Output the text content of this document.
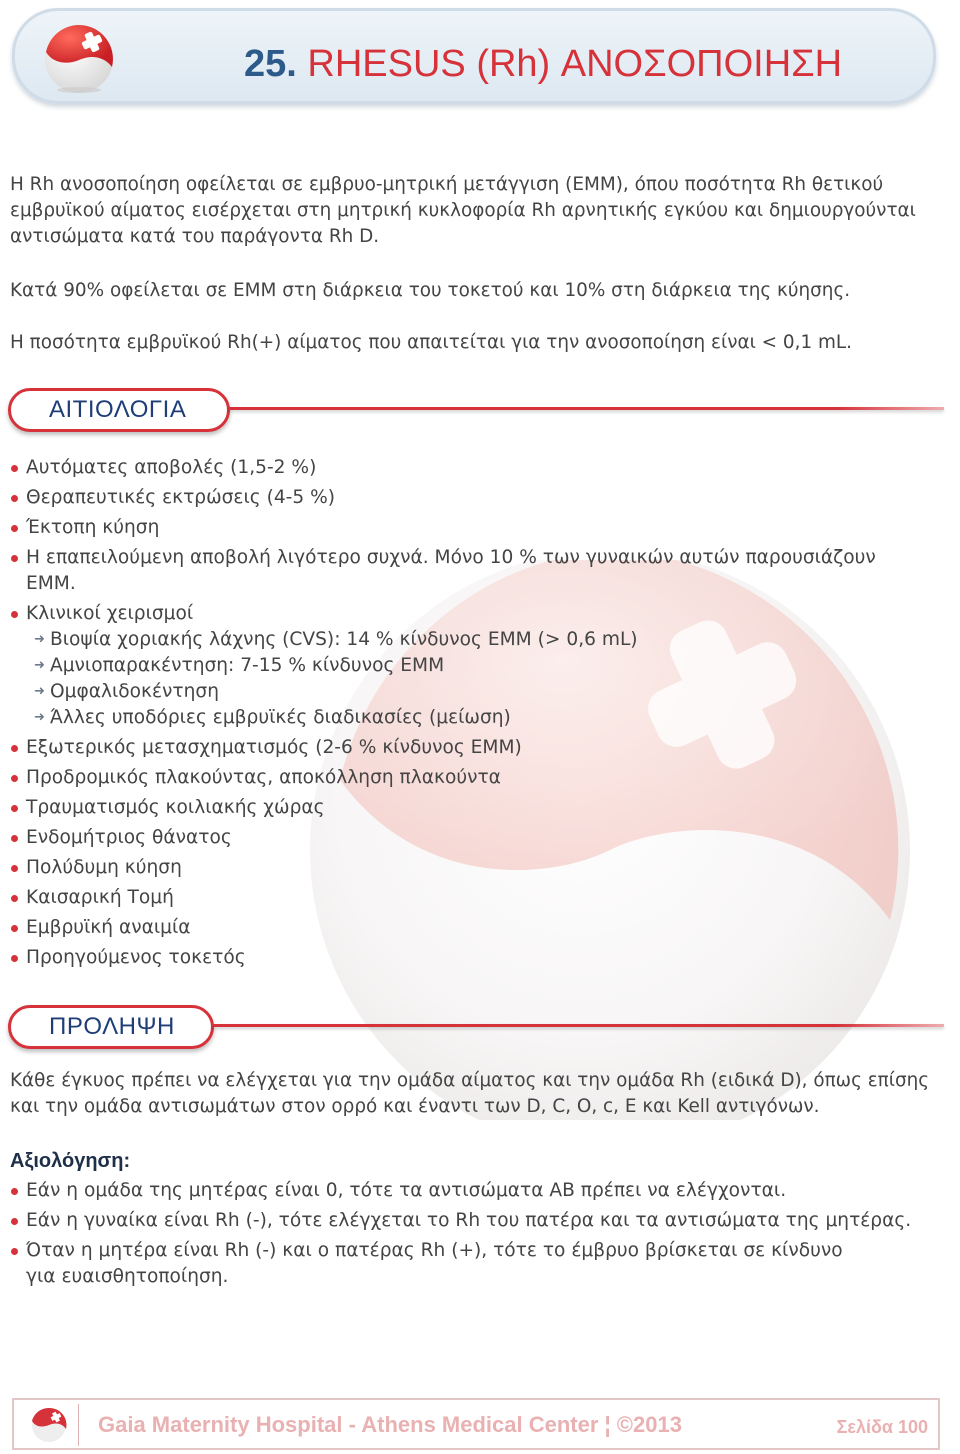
25. RHESUS (Rh) ΑΝΟΣΟΠΟΙΗΣΗ

Η Rh ανοσοποίηση οφείλεται σε εμβρυο-μητρική μετάγγιση (ΕΜΜ), όπου ποσότητα Rh θετικού εμβρυϊκού αίματος εισέρχεται στη μητρική κυκλοφορία Rh αρνητικής εγκύου και δημιουργούνται αντισώματα κατά του παράγοντα Rh D.

Κατά 90% οφείλεται σε ΕΜΜ στη διάρκεια του τοκετού και 10% στη διάρκεια της κύησης.

Η ποσότητα εμβρυϊκού Rh(+) αίματος που απαιτείται για την ανοσοποίηση είναι < 0,1 mL.

ΑΙΤΙΟΛΟΓΙΑ
Αυτόματες αποβολές (1,5-2 %)
Θεραπευτικές εκτρώσεις (4-5 %)
Έκτοπη κύηση
Η επαπειλούμενη αποβολή λιγότερο συχνά. Μόνο 10 % των γυναικών αυτών παρουσιάζουν ΕΜΜ.
Κλινικοί χειρισμοί
➜ Βιοψία χοριακής λάχνης (CVS): 14 % κίνδυνος ΕΜΜ (> 0,6 mL)
➜ Αμνιοπαρακέντηση: 7-15 % κίνδυνος ΕΜΜ
➜ Ομφαλιδοκέντηση
➜ Άλλες υποδόριες εμβρυϊκές διαδικασίες (μείωση)
Εξωτερικός μετασχηματισμός (2-6 % κίνδυνος ΕΜΜ)
Προδρομικός πλακούντας, αποκόλληση πλακούντα
Τραυματισμός κοιλιακής χώρας
Ενδομήτριος θάνατος
Πολύδυμη κύηση
Καισαρική Τομή
Εμβρυϊκή αναιμία
Προηγούμενος τοκετός
ΠΡΟΛΗΨΗ

Κάθε έγκυος πρέπει να ελέγχεται για την ομάδα αίματος και την ομάδα Rh (ειδικά D), όπως επίσης και την ομάδα αντισωμάτων στον ορρό και έναντι των D, C, O, c, E και Kell αντιγόνων.

Αξιολόγηση:
Εάν η ομάδα της μητέρας είναι 0, τότε τα αντισώματα ΑΒ πρέπει να ελέγχονται.
Εάν η γυναίκα είναι Rh (-), τότε ελέγχεται το Rh του πατέρα και τα αντισώματα της μητέρας.
Όταν η μητέρα είναι Rh (-) και ο πατέρας Rh (+), τότε το έμβρυο βρίσκεται σε κίνδυνο για ευαισθητοποίηση.
Gaia Maternity Hospital - Athens Medical Center ¦ ©2013	Σελίδα 100
